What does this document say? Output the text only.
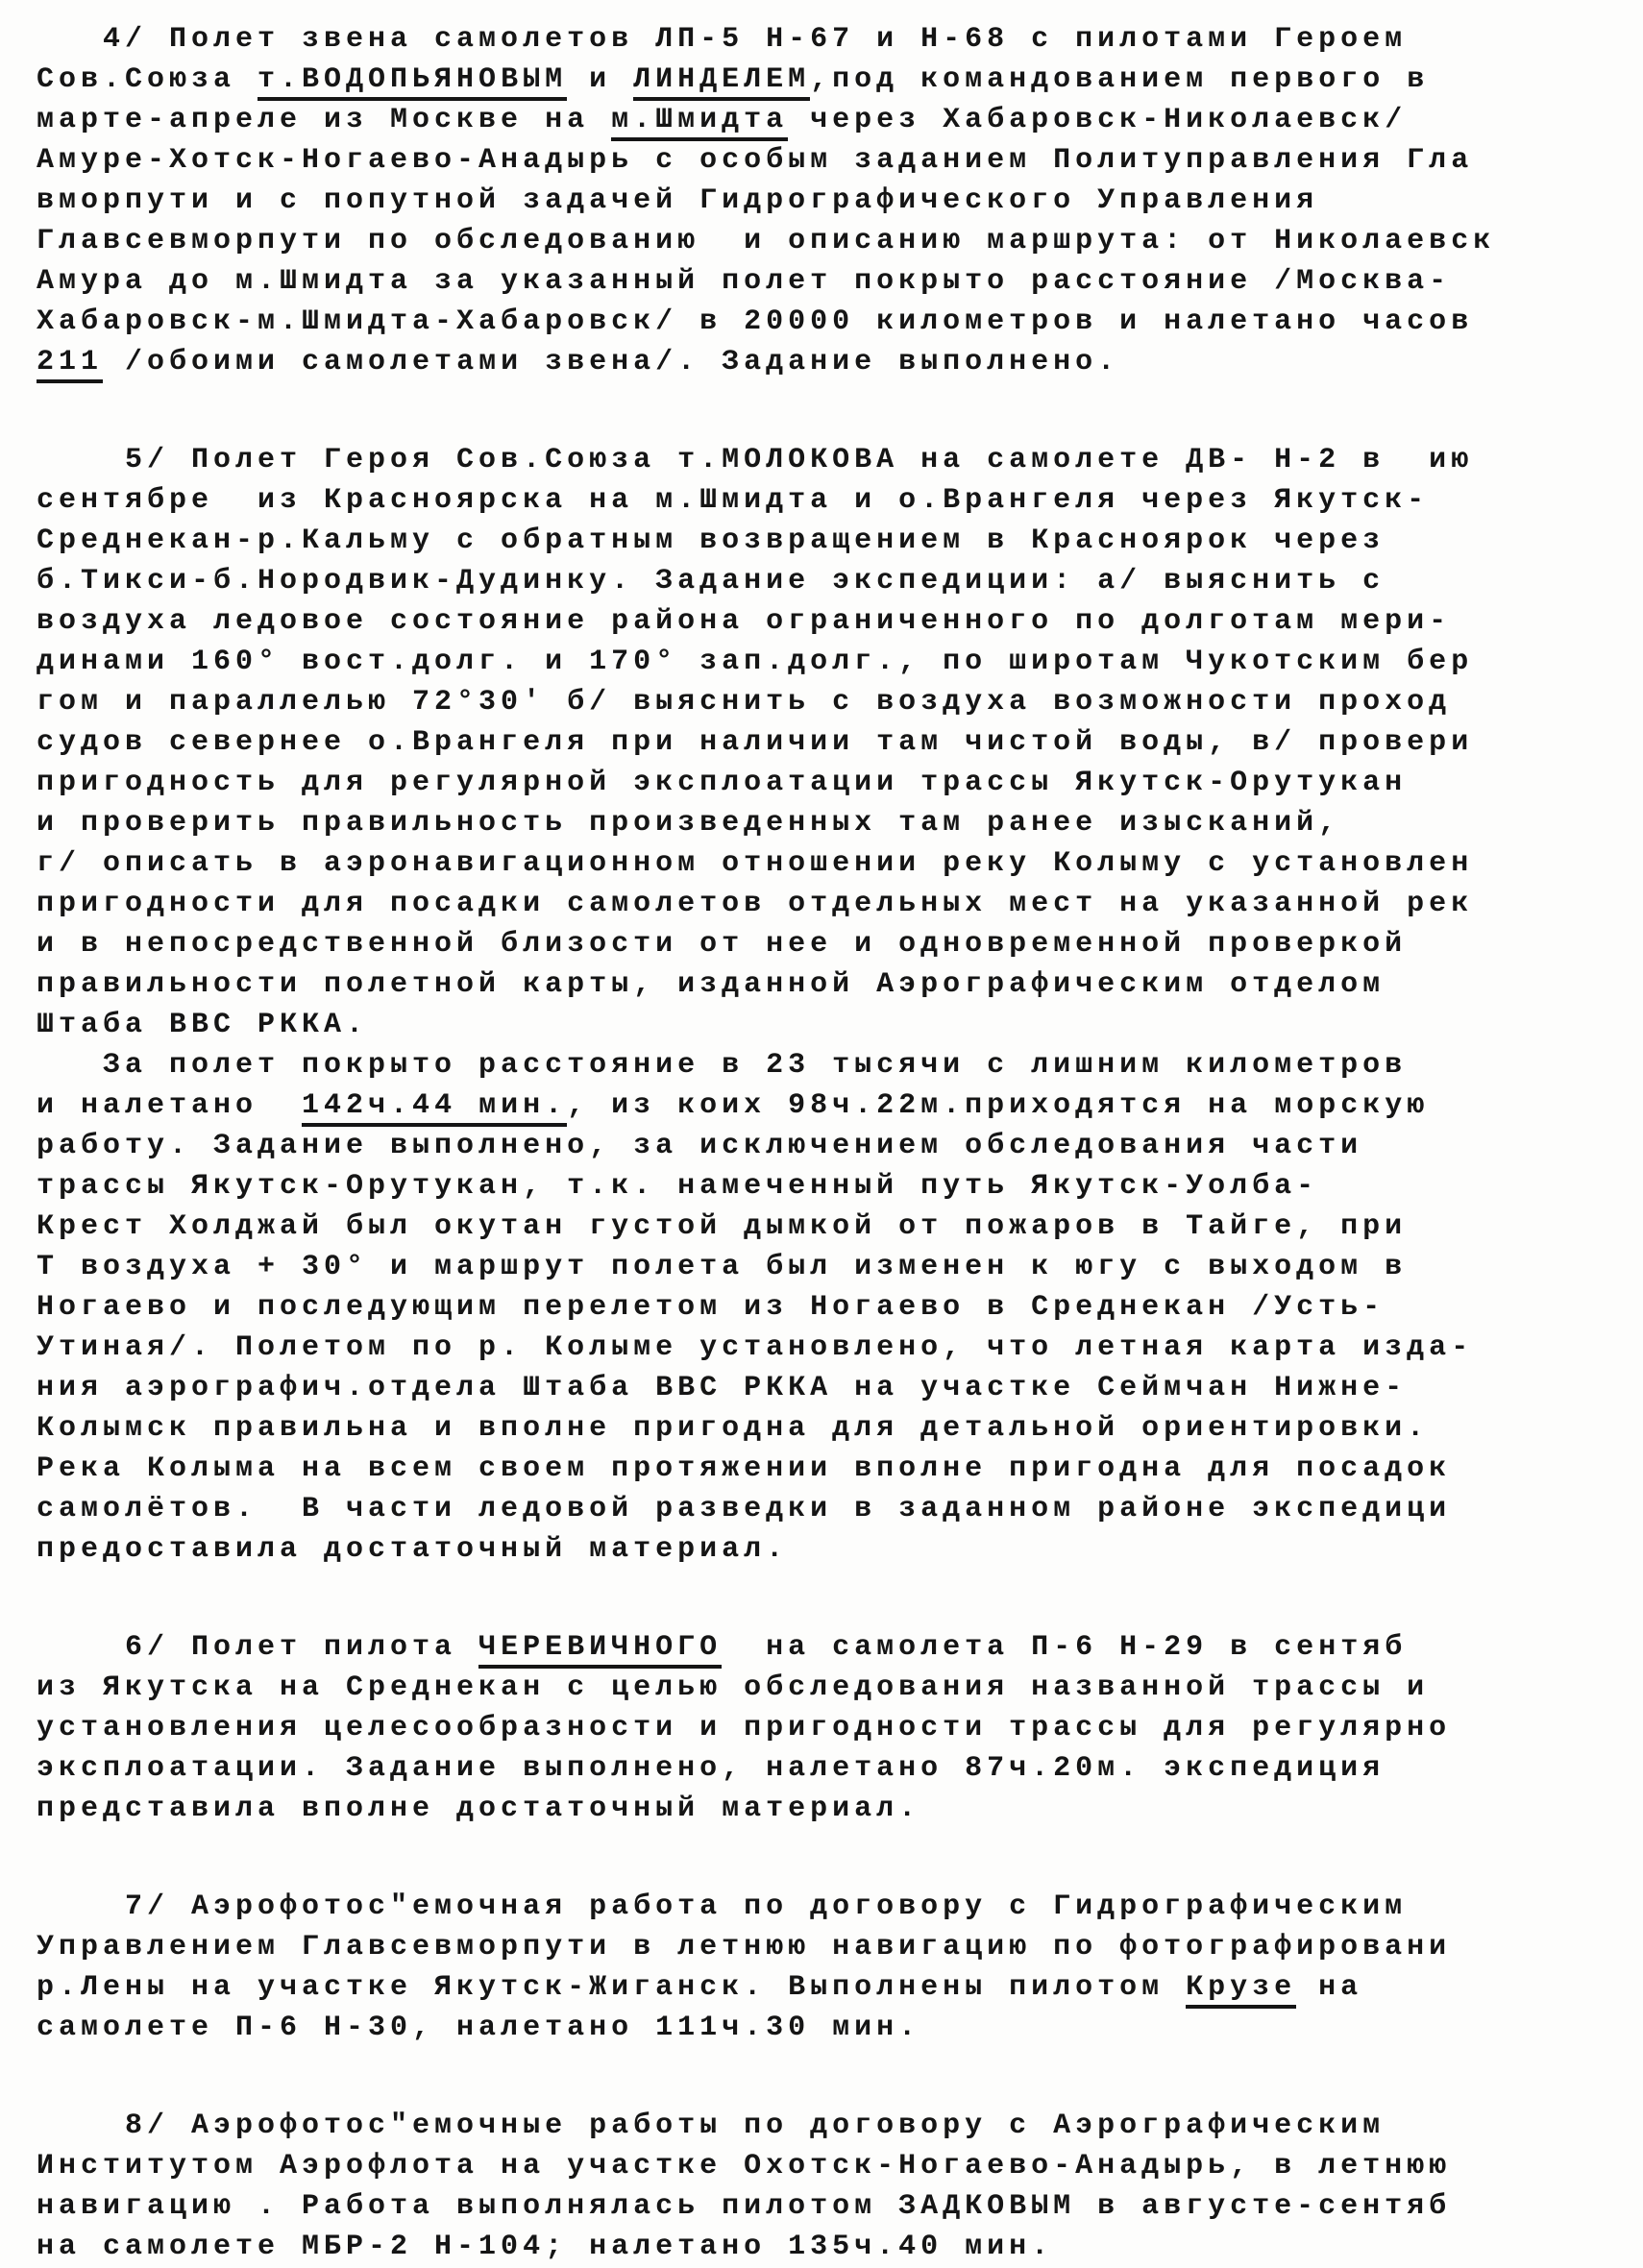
4/ Полет звена самолетов ЛП-5 Н-67 и Н-68 с пилотами Героем
Сов.Союза т.ВОДОПЬЯНОВЫМ и ЛИНДЕЛЕМ,под командованием первого в
марте-апреле из Москве на м.Шмидта через Хабаровск-Николаевск/
Амуре-Хотск-Ногаево-Анадырь с особым заданием Политуправления Гла
вморпути и с попутной задачей Гидрографического Управления
Главсевморпути по обследованию  и описанию маршрута: от Николаевск
Амура до м.Шмидта за указанный полет покрыто расстояние /Москва-
Хабаровск-м.Шмидта-Хабаровск/ в 20000 километров и налетано часов
211 /обоими самолетами звена/. Задание выполнено.
5/ Полет Героя Сов.Союза т.МОЛОКОВА на самолете ДВ- Н-2 в  ию
сентябре  из Красноярска на м.Шмидта и о.Врангеля через Якутск-
Среднекан-р.Кальму с обратным возвращением в Красноярок через
б.Тикси-б.Нородвик-Дудинку. Задание экспедиции: а/ выяснить с
воздуха ледовое состояние района ограниченного по долготам мери-
динами 160° вост.долг. и 170° зап.долг., по широтам Чукотским бер
гом и параллелью 72°30' б/ выяснить с воздуха возможности проход
судов севернее о.Врангеля при наличии там чистой воды, в/ провери
пригодность для регулярной эксплоатации трассы Якутск-Орутукан
и проверить правильность произведенных там ранее изысканий,
г/ описать в аэронавигационном отношении реку Колыму с установлен
пригодности для посадки самолетов отдельных мест на указанной рек
и в непосредственной близости от нее и одновременной проверкой
правильности полетной карты, изданной Аэрографическим отделом
Штаба ВВС РККА.
За полет покрыто расстояние в 23 тысячи с лишним километров
и налетано  142ч.44 мин., из коих 98ч.22м.приходятся на морскую
работу. Задание выполнено, за исключением обследования части
трассы Якутск-Орутукан, т.к. намеченный путь Якутск-Уолба-
Крест Холджай был окутан густой дымкой от пожаров в Тайге, при
Т воздуха + 30° и маршрут полета был изменен к югу с выходом в
Ногаево и последующим перелетом из Ногаево в Среднекан /Усть-
Утиная/. Полетом по р. Колыме установлено, что летная карта изда-
ния аэрографич.отдела Штаба ВВС РККА на участке Сеймчан Нижне-
Колымск правильна и вполне пригодна для детальной ориентировки.
Река Колыма на всем своем протяжении вполне пригодна для посадок
самолётов.  В части ледовой разведки в заданном районе экспедици
предоставила достаточный материал.
6/ Полет пилота ЧЕРЕВИЧНОГО  на самолета П-6 Н-29 в сентяб
из Якутска на Среднекан с целью обследования названной трассы и
установления целесообразности и пригодности трассы для регулярно
эксплоатации. Задание выполнено, налетано 87ч.20м. экспедиция
представила вполне достаточный материал.
7/ Аэрофотос"емочная работа по договору с Гидрографическим
Управлением Главсевморпути в летнюю навигацию по фотографировани
р.Лены на участке Якутск-Жиганск. Выполнены пилотом Крузе на
самолете П-6 Н-30, налетано 111ч.30 мин.
8/ Аэрофотос"емочные работы по договору с Аэрографическим
Институтом Аэрофлота на участке Охотск-Ногаево-Анадырь, в летнюю
навигацию . Работа выполнялась пилотом ЗАДКОВЫМ в августе-сентяб
на самолете МБР-2 Н-104; налетано 135ч.40 мин.
